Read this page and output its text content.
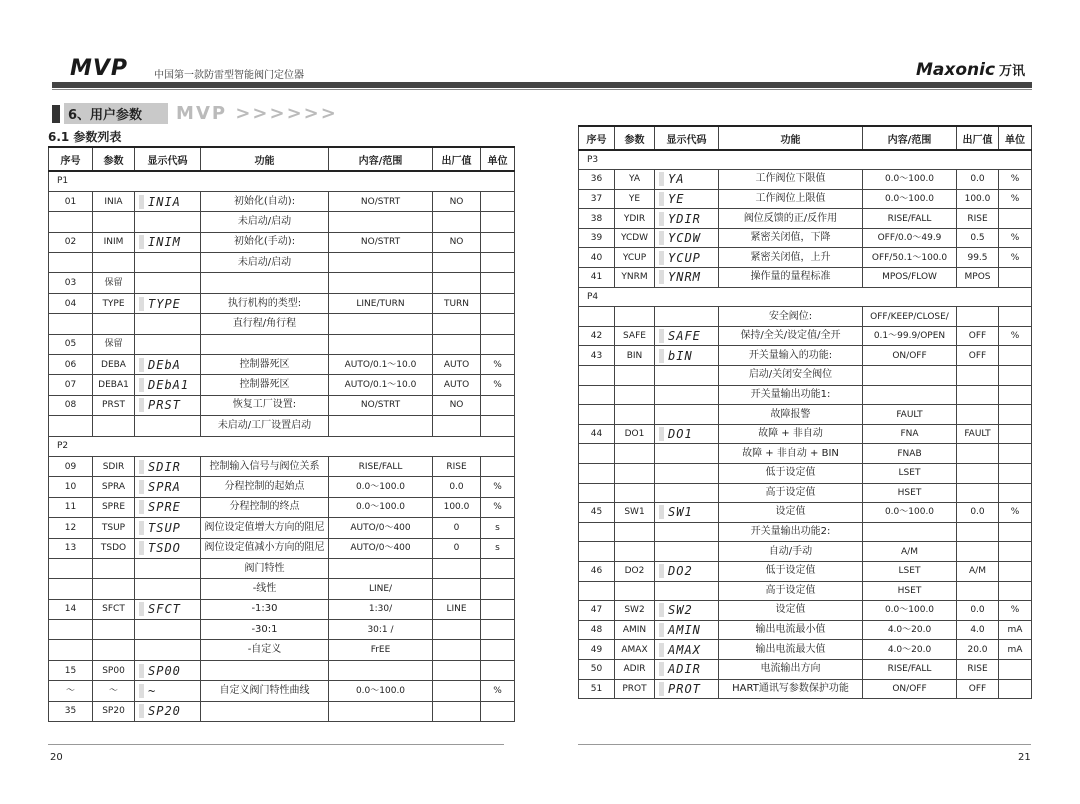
MVP	中国第一款防雷型智能阀门定位器	Maxonic 万讯
6、用户参数	MVP >>>>>>
6.1 参数列表
序号	参数	显示代码	功能	内容/范围	出厂值	单位
P1						
01	INIA	INIA	初始化(自动):	NO/STRT	NO	
			未启动/启动			
02	INIM	INIM	初始化(手动):	NO/STRT	NO	
			未启动/启动			
03	保留					
04	TYPE	TYPE	执行机构的类型:	LINE/TURN	TURN	
			直行程/角行程			
05	保留					
06	DEBA	DEbA	控制器死区	AUTO/0.1～10.0	AUTO	%
07	DEBA1	DEbA1	控制器死区	AUTO/0.1～10.0	AUTO	%
08	PRST	PRST	恢复工厂设置:	NO/STRT	NO	
			未启动/工厂设置启动			
P2						
09	SDIR	SDIR	控制输入信号与阀位关系	RISE/FALL	RISE	
10	SPRA	SPRA	分程控制的起始点	0.0～100.0	0.0	%
11	SPRE	SPRE	分程控制的终点	0.0～100.0	100.0	%
12	TSUP	TSUP	阀位设定值增大方向的阻尼	AUTO/0～400	0	s
13	TSDO	TSDO	阀位设定值减小方向的阻尼	AUTO/0～400	0	s
			阀门特性			
			-线性	LINE/		
14	SFCT	SFCT	-1:30	1:30/	LINE	
			-30:1	30:1 /		
			-自定义	FrEE		
15	SP00	SP00				
～	～	~	自定义阀门特性曲线	0.0～100.0		%
35	SP20	SP20				
序号	参数	显示代码	功能	内容/范围	出厂值	单位
P3						
36	YA	YA	工作阀位下限值	0.0～100.0	0.0	%
37	YE	YE	工作阀位上限值	0.0～100.0	100.0	%
38	YDIR	YDIR	阀位反馈的正/反作用	RISE/FALL	RISE	
39	YCDW	YCDW	紧密关闭值，下降	OFF/0.0～49.9	0.5	%
40	YCUP	YCUP	紧密关闭值，上升	OFF/50.1～100.0	99.5	%
41	YNRM	YNRM	操作量的量程标准	MPOS/FLOW	MPOS	
P4						
			安全阀位:	OFF/KEEP/CLOSE/		
42	SAFE	SAFE	保持/全关/设定值/全开	0.1～99.9/OPEN	OFF	%
43	BIN	bIN	开关量输入的功能:	ON/OFF	OFF	
			启动/关闭安全阀位			
			开关量输出功能1:			
			故障报警	FAULT		
44	DO1	DO1	故障 + 非自动	FNA	FAULT	
			故障 + 非自动 + BIN	FNAB		
			低于设定值	LSET		
			高于设定值	HSET		
45	SW1	SW1	设定值	0.0～100.0	0.0	%
			开关量输出功能2:			
			自动/手动	A/M		
46	DO2	DO2	低于设定值	LSET	A/M	
			高于设定值	HSET		
47	SW2	SW2	设定值	0.0～100.0	0.0	%
48	AMIN	AMIN	输出电流最小值	4.0～20.0	4.0	mA
49	AMAX	AMAX	输出电流最大值	4.0～20.0	20.0	mA
50	ADIR	ADIR	电流输出方向	RISE/FALL	RISE	
51	PROT	PROT	HART通讯写参数保护功能	ON/OFF	OFF	
20	21
